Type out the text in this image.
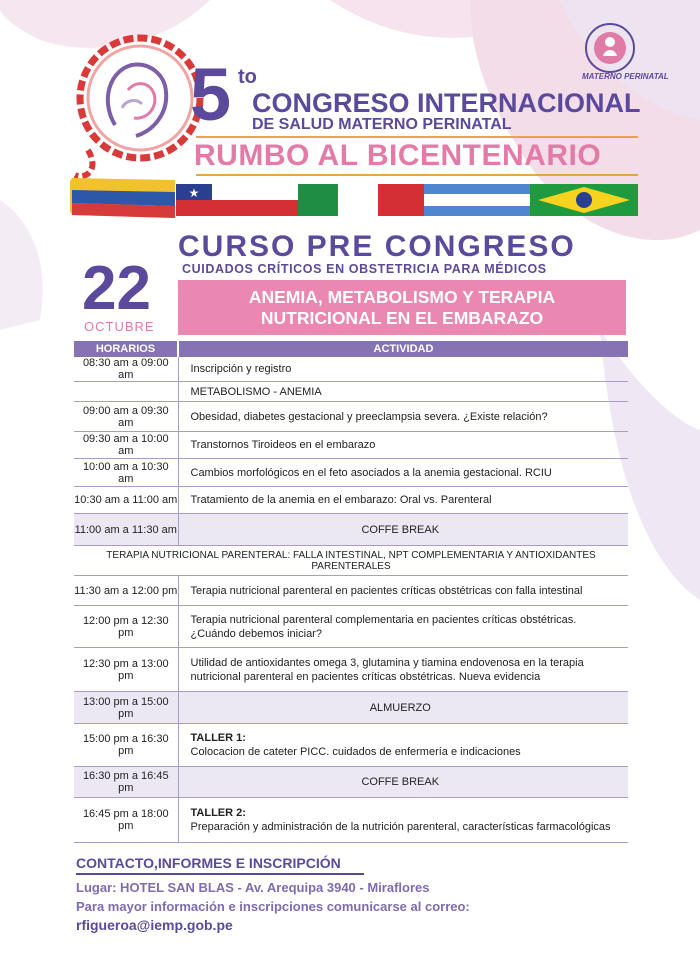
★
MATERNO PERINATAL
5 to
CONGRESO INTERNACIONAL
DE SALUD MATERNO PERINATAL
RUMBO AL BICENTENARIO
CURSO PRE CONGRESO
CUIDADOS CRÍTICOS EN OBSTETRICIA PARA MÉDICOS
22
OCTUBRE
ANEMIA, METABOLISMO Y TERAPIA
NUTRICIONAL EN EL EMBARAZO
HORARIOS	ACTIVIDAD
08:30 am a 09:00 am	Inscripción y registro
	METABOLISMO - ANEMIA
09:00 am a 09:30 am	Obesidad, diabetes gestacional y preeclampsia severa. ¿Existe relación?
09:30 am a 10:00 am	Transtornos Tiroideos en el embarazo
10:00 am a 10:30 am	Cambios morfológicos en el feto asociados a la anemia gestacional. RCIU
10:30 am a 11:00 am	Tratamiento de la anemia en el embarazo: Oral vs. Parenteral
11:00 am a 11:30 am	COFFE BREAK
TERAPIA NUTRICIONAL PARENTERAL: FALLA INTESTINAL, NPT COMPLEMENTARIA Y ANTIOXIDANTES PARENTERALES	
11:30 am a 12:00 pm	Terapia nutricional parenteral en pacientes críticas obstétricas con falla intestinal
12:00 pm a 12:30 pm	Terapia nutricional parenteral complementaria en pacientes críticas obstétricas.
¿Cuándo debemos iniciar?

12:30 pm a 13:00 pm	Utilidad de antioxidantes omega 3, glutamina y tiamina endovenosa en la terapia
nutricional parenteral en pacientes críticas obstétricas. Nueva evidencia

13:00 pm a 15:00 pm	ALMUERZO
15:00 pm a 16:30 pm	TALLER 1:
Colocacion de cateter PICC. cuidados de enfermería e indicaciones

16:30 pm a 16:45 pm	COFFE BREAK
16:45 pm a 18:00 pm	TALLER 2:
Preparación y administración de la nutrición parenteral, características farmacológicas
CONTACTO,INFORMES E INSCRIPCIÓN
Lugar: HOTEL SAN BLAS - Av. Arequipa 3940 - Miraflores
Para mayor información e inscripciones comunicarse al correo:
rfigueroa@iemp.gob.pe
